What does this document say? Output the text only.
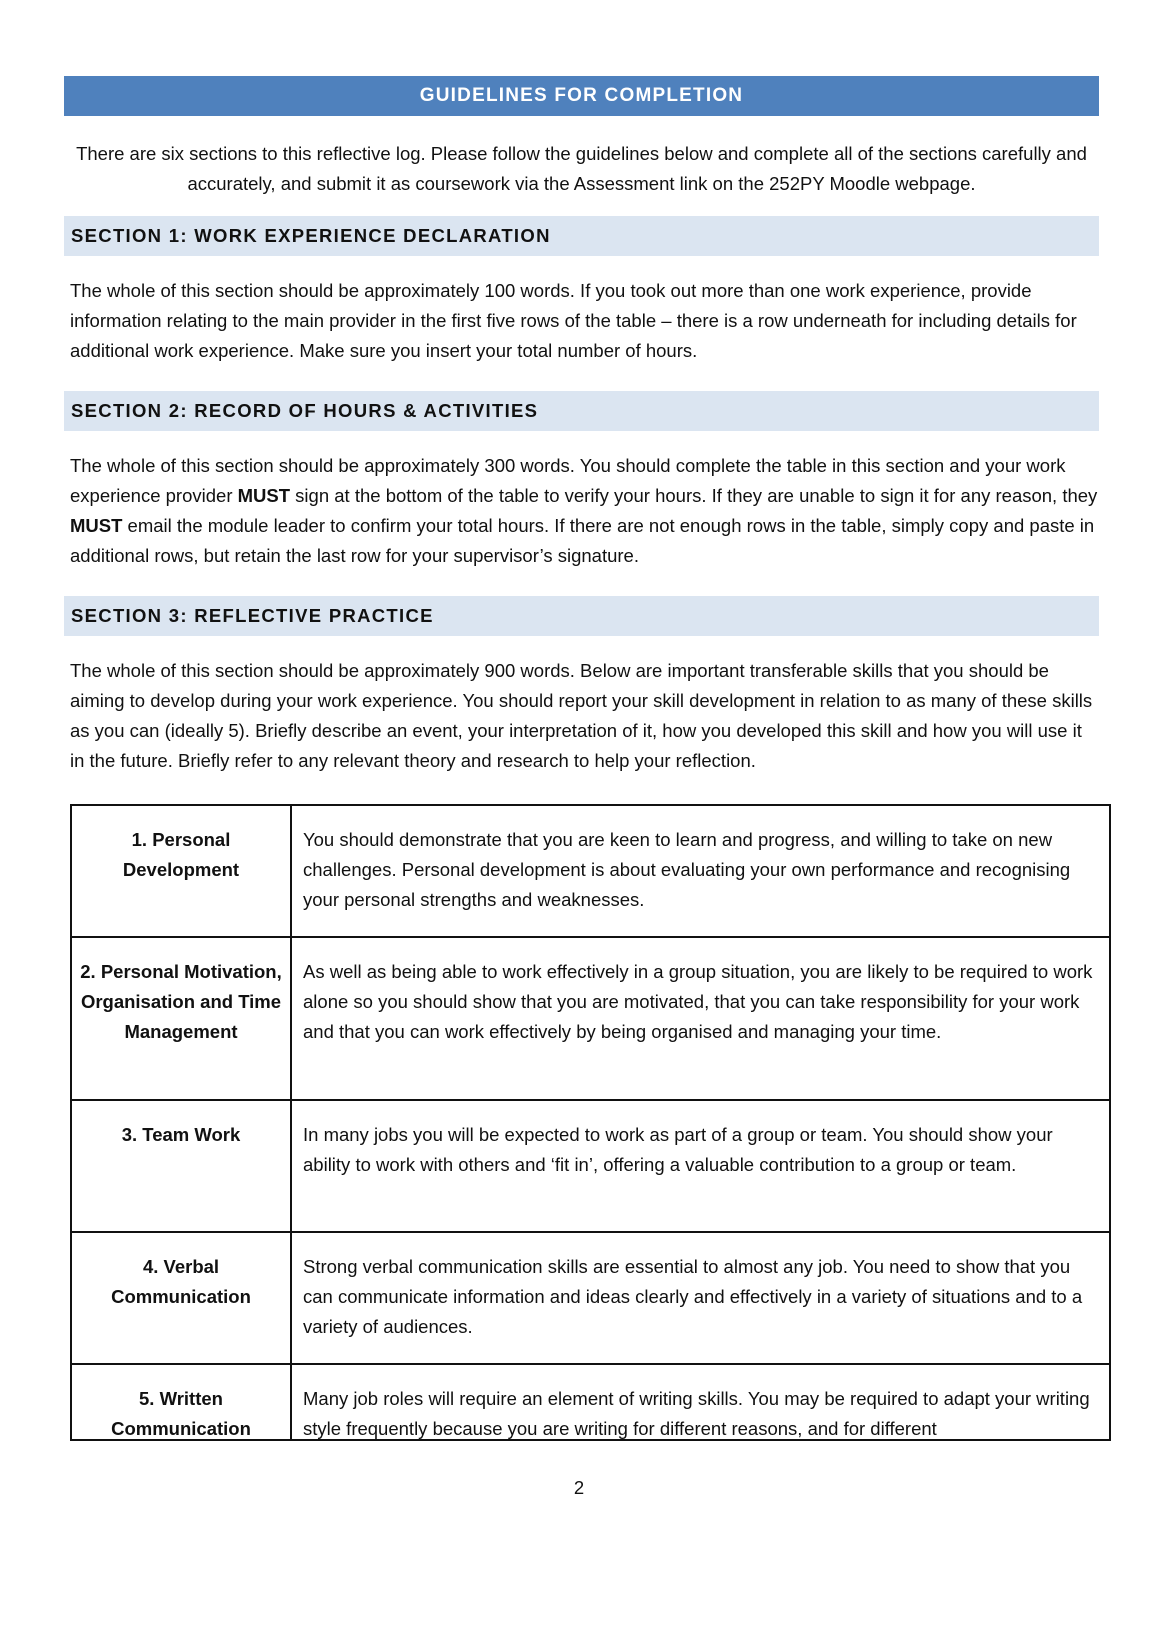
GUIDELINES FOR COMPLETION
There are six sections to this reflective log. Please follow the guidelines below and complete all of the sections carefully and accurately, and submit it as coursework via the Assessment link on the 252PY Moodle webpage.
SECTION 1: WORK EXPERIENCE DECLARATION
The whole of this section should be approximately 100 words. If you took out more than one work experience, provide information relating to the main provider in the first five rows of the table – there is a row underneath for including details for additional work experience. Make sure you insert your total number of hours.
SECTION 2: RECORD OF HOURS & ACTIVITIES
The whole of this section should be approximately 300 words. You should complete the table in this section and your work experience provider MUST sign at the bottom of the table to verify your hours. If they are unable to sign it for any reason, they MUST email the module leader to confirm your total hours. If there are not enough rows in the table, simply copy and paste in additional rows, but retain the last row for your supervisor’s signature.
SECTION 3: REFLECTIVE PRACTICE
The whole of this section should be approximately 900 words. Below are important transferable skills that you should be aiming to develop during your work experience. You should report your skill development in relation to as many of these skills as you can (ideally 5). Briefly describe an event, your interpretation of it, how you developed this skill and how you will use it in the future. Briefly refer to any relevant theory and research to help your reflection.
1. Personal Development
You should demonstrate that you are keen to learn and progress, and willing to take on new challenges. Personal development is about evaluating your own performance and recognising your personal strengths and weaknesses.
2. Personal Motivation, Organisation and Time Management
As well as being able to work effectively in a group situation, you are likely to be required to work alone so you should show that you are motivated, that you can take responsibility for your work and that you can work effectively by being organised and managing your time.
3. Team Work	In many jobs you will be expected to work as part of a group or team. You should show your ability to work with others and ‘fit in’, offering a valuable contribution to a group or team.
4. Verbal Communication
Strong verbal communication skills are essential to almost any job. You need to show that you can communicate information and ideas clearly and effectively in a variety of situations and to a variety of audiences.
5. Written Communication
Many job roles will require an element of writing skills. You may be required to adapt your writing style frequently because you are writing for different reasons, and for different
2
